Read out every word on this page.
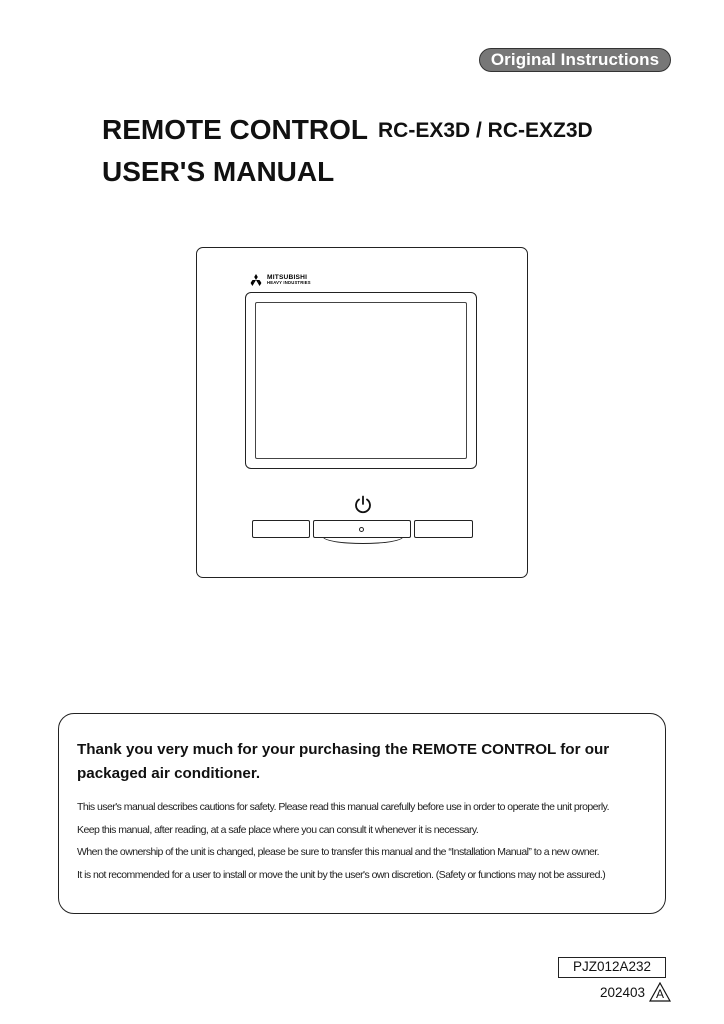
Original Instructions
REMOTE CONTROL RC-EX3D / RC-EXZ3D
USER'S MANUAL
MITSUBISHI
HEAVY INDUSTRIES
Thank you very much for your purchasing the REMOTE CONTROL for our packaged air conditioner.

This user's manual describes cautions for safety. Please read this manual carefully before use in order to operate the unit properly.

Keep this manual, after reading, at a safe place where you can consult it whenever it is necessary.

When the ownership of the unit is changed, please be sure to transfer this manual and the “Installation Manual” to a new owner.

It is not recommended for a user to install or move the unit by the user's own discretion. (Safety or functions may not be assured.)

PJZ012A232
202403 A
